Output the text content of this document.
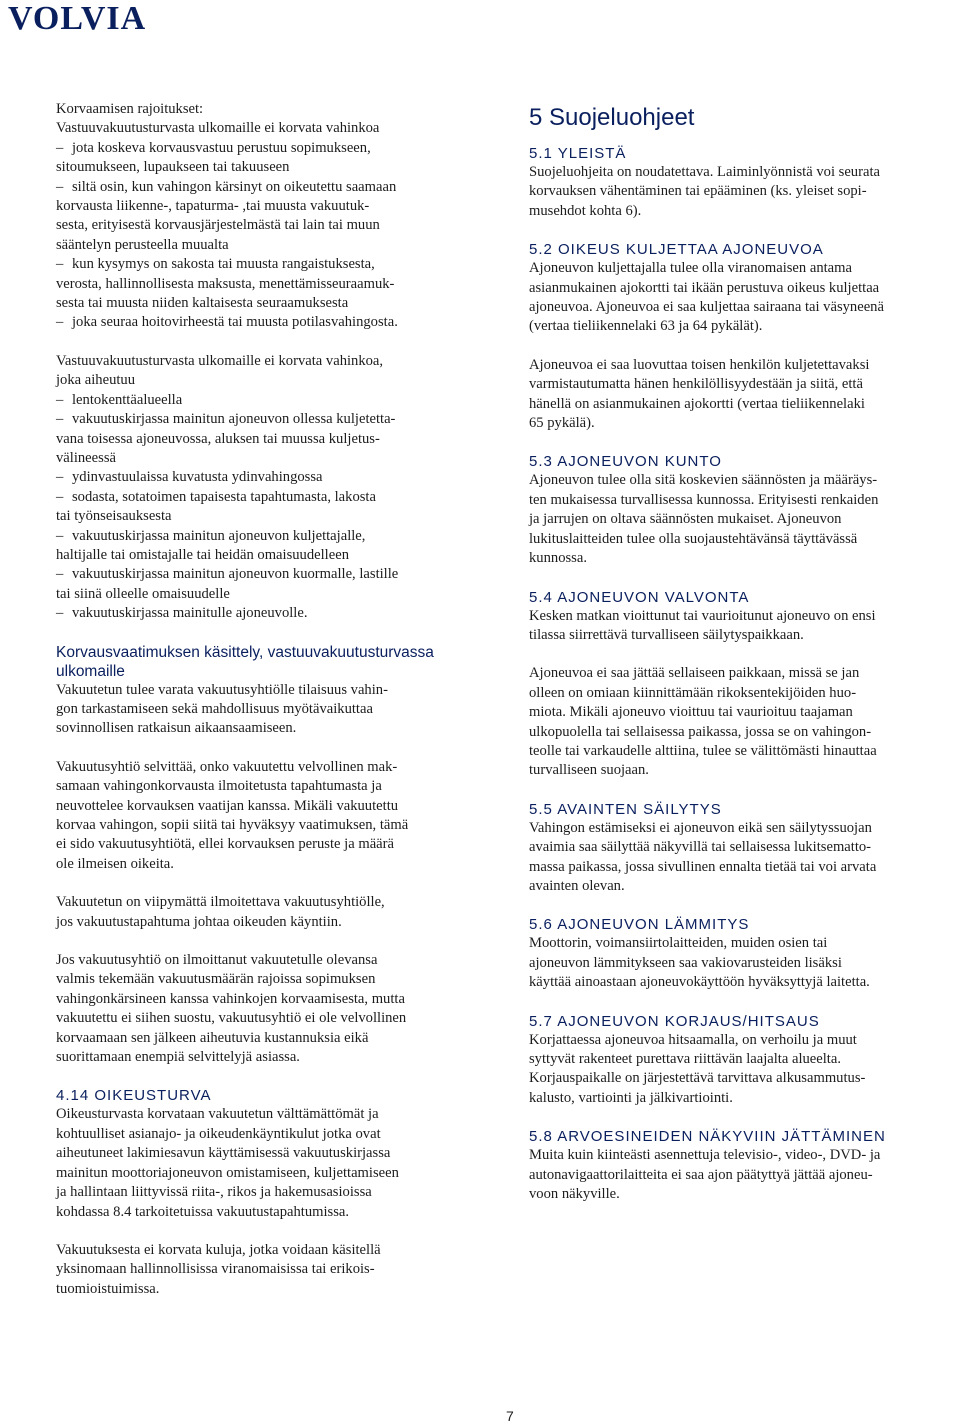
VOLVIA
Korvaamisen rajoitukset:
Vastuuvakuutusturvasta ulkomaille ei korvata vahinkoa
– jota koskeva korvausvastuu perustuu sopimukseen,
sitoumukseen, lupaukseen tai takuuseen
– siltä osin, kun vahingon kärsinyt on oikeutettu saamaan
korvausta liikenne-, tapaturma- ,tai muusta vakuutuk-
sesta, erityisestä korvausjärjestelmästä tai lain tai muun
sääntelyn perusteella muualta
– kun kysymys on sakosta tai muusta rangaistuksesta,
verosta, hallinnollisesta maksusta, menettämisseuraamuk-
sesta tai muusta niiden kaltaisesta seuraamuksesta
– joka seuraa hoitovirheestä tai muusta potilasvahingosta.
Vastuuvakuutusturvasta ulkomaille ei korvata vahinkoa,
joka aiheutuu
– lentokenttäalueella
– vakuutuskirjassa mainitun ajoneuvon ollessa kuljetetta-
vana toisessa ajoneuvossa, aluksen tai muussa kuljetus-
välineessä
– ydinvastuulaissa kuvatusta ydinvahingossa
– sodasta, sotatoimen tapaisesta tapahtumasta, lakosta
tai työnseisauksesta
– vakuutuskirjassa mainitun ajoneuvon kuljettajalle,
haltijalle tai omistajalle tai heidän omaisuudelleen
– vakuutuskirjassa mainitun ajoneuvon kuormalle, lastille
tai siinä olleelle omaisuudelle
– vakuutuskirjassa mainitulle ajoneuvolle.
Korvausvaatimuksen käsittely, vastuuvakuutusturvassa
ulkomaille
Vakuutetun tulee varata vakuutusyhtiölle tilaisuus vahin-
gon tarkastamiseen sekä mahdollisuus myötävaikuttaa
sovinnollisen ratkaisun aikaansaamiseen.
Vakuutusyhtiö selvittää, onko vakuutettu velvollinen mak-
samaan vahingonkorvausta ilmoitetusta tapahtumasta ja
neuvottelee korvauksen vaatijan kanssa. Mikäli vakuutettu
korvaa vahingon, sopii siitä tai hyväksyy vaatimuksen, tämä
ei sido vakuutusyhtiötä, ellei korvauksen peruste ja määrä
ole ilmeisen oikeita.
Vakuutetun on viipymättä ilmoitettava vakuutusyhtiölle,
jos vakuutustapahtuma johtaa oikeuden käyntiin.
Jos vakuutusyhtiö on ilmoittanut vakuutetulle olevansa
valmis tekemään vakuutusmäärän rajoissa sopimuksen
vahingonkärsineen kanssa vahinkojen korvaamisesta, mutta
vakuutettu ei siihen suostu, vakuutusyhtiö ei ole velvollinen
korvaamaan sen jälkeen aiheutuvia kustannuksia eikä
suorittamaan enempiä selvittelyjä asiassa.
4.14 OIKEUSTURVA
Oikeusturvasta korvataan vakuutetun välttämättömät ja
kohtuulliset asianajo- ja oikeudenkäyntikulut jotka ovat
aiheutuneet lakimiesavun käyttämisessä vakuutuskirjassa
mainitun moottoriajoneuvon omistamiseen, kuljettamiseen
ja hallintaan liittyvissä riita-, rikos ja hakemusasioissa
kohdassa 8.4 tarkoitetuissa vakuutustapahtumissa.
Vakuutuksesta ei korvata kuluja, jotka voidaan käsitellä
yksinomaan hallinnollisissa viranomaisissa tai erikois-
tuomioistuimissa.
5 Suojeluohjeet
5.1 YLEISTÄ
Suojeluohjeita on noudatettava. Laiminlyönnistä voi seurata
korvauksen vähentäminen tai epääminen (ks. yleiset sopi-
musehdot kohta 6).
5.2 OIKEUS KULJETTAA AJONEUVOA
Ajoneuvon kuljettajalla tulee olla viranomaisen antama
asianmukainen ajokortti tai ikään perustuva oikeus kuljettaa
ajoneuvoa. Ajoneuvoa ei saa kuljettaa sairaana tai väsyneenä
(vertaa tieliikennelaki 63 ja 64 pykälät).
Ajoneuvoa ei saa luovuttaa toisen henkilön kuljetettavaksi
varmistautumatta hänen henkilöllisyydestään ja siitä, että
hänellä on asianmukainen ajokortti (vertaa tieliikennelaki
65 pykälä).
5.3 AJONEUVON KUNTO
Ajoneuvon tulee olla sitä koskevien säännösten ja määräys-
ten mukaisessa turvallisessa kunnossa. Erityisesti renkaiden
ja jarrujen on oltava säännösten mukaiset. Ajoneuvon
lukituslaitteiden tulee olla suojaustehtävänsä täyttävässä
kunnossa.
5.4 AJONEUVON VALVONTA
Kesken matkan vioittunut tai vaurioitunut ajoneuvo on ensi
tilassa siirrettävä turvalliseen säilytyspaikkaan.
Ajoneuvoa ei saa jättää sellaiseen paikkaan, missä se jan
olleen on omiaan kiinnittämään rikoksentekijöiden huo-
miota. Mikäli ajoneuvo vioittuu tai vaurioituu taajaman
ulkopuolella tai sellaisessa paikassa, jossa se on vahingon-
teolle tai varkaudelle alttiina, tulee se välittömästi hinauttaa
turvalliseen suojaan.
5.5 AVAINTEN SÄILYTYS
Vahingon estämiseksi ei ajoneuvon eikä sen säilytyssuojan
avaimia saa säilyttää näkyvillä tai sellaisessa lukitsematto-
massa paikassa, jossa sivullinen ennalta tietää tai voi arvata
avainten olevan.
5.6 AJONEUVON LÄMMITYS
Moottorin, voimansiirtolaitteiden, muiden osien tai
ajoneuvon lämmitykseen saa vakiovarusteiden lisäksi
käyttää ainoastaan ajoneuvokäyttöön hyväksyttyjä laitetta.
5.7 AJONEUVON KORJAUS/HITSAUS
Korjattaessa ajoneuvoa hitsaamalla, on verhoilu ja muut
syttyvät rakenteet purettava riittävän laajalta alueelta.
Korjauspaikalle on järjestettävä tarvittava alkusammutus-
kalusto, vartiointi ja jälkivartiointi.
5.8 ARVOESINEIDEN NÄKYVIIN JÄTTÄMINEN
Muita kuin kiinteästi asennettuja televisio-, video-, DVD- ja
autonavigaattorilaitteita ei saa ajon päätyttyä jättää ajoneu-
voon näkyville.
7
